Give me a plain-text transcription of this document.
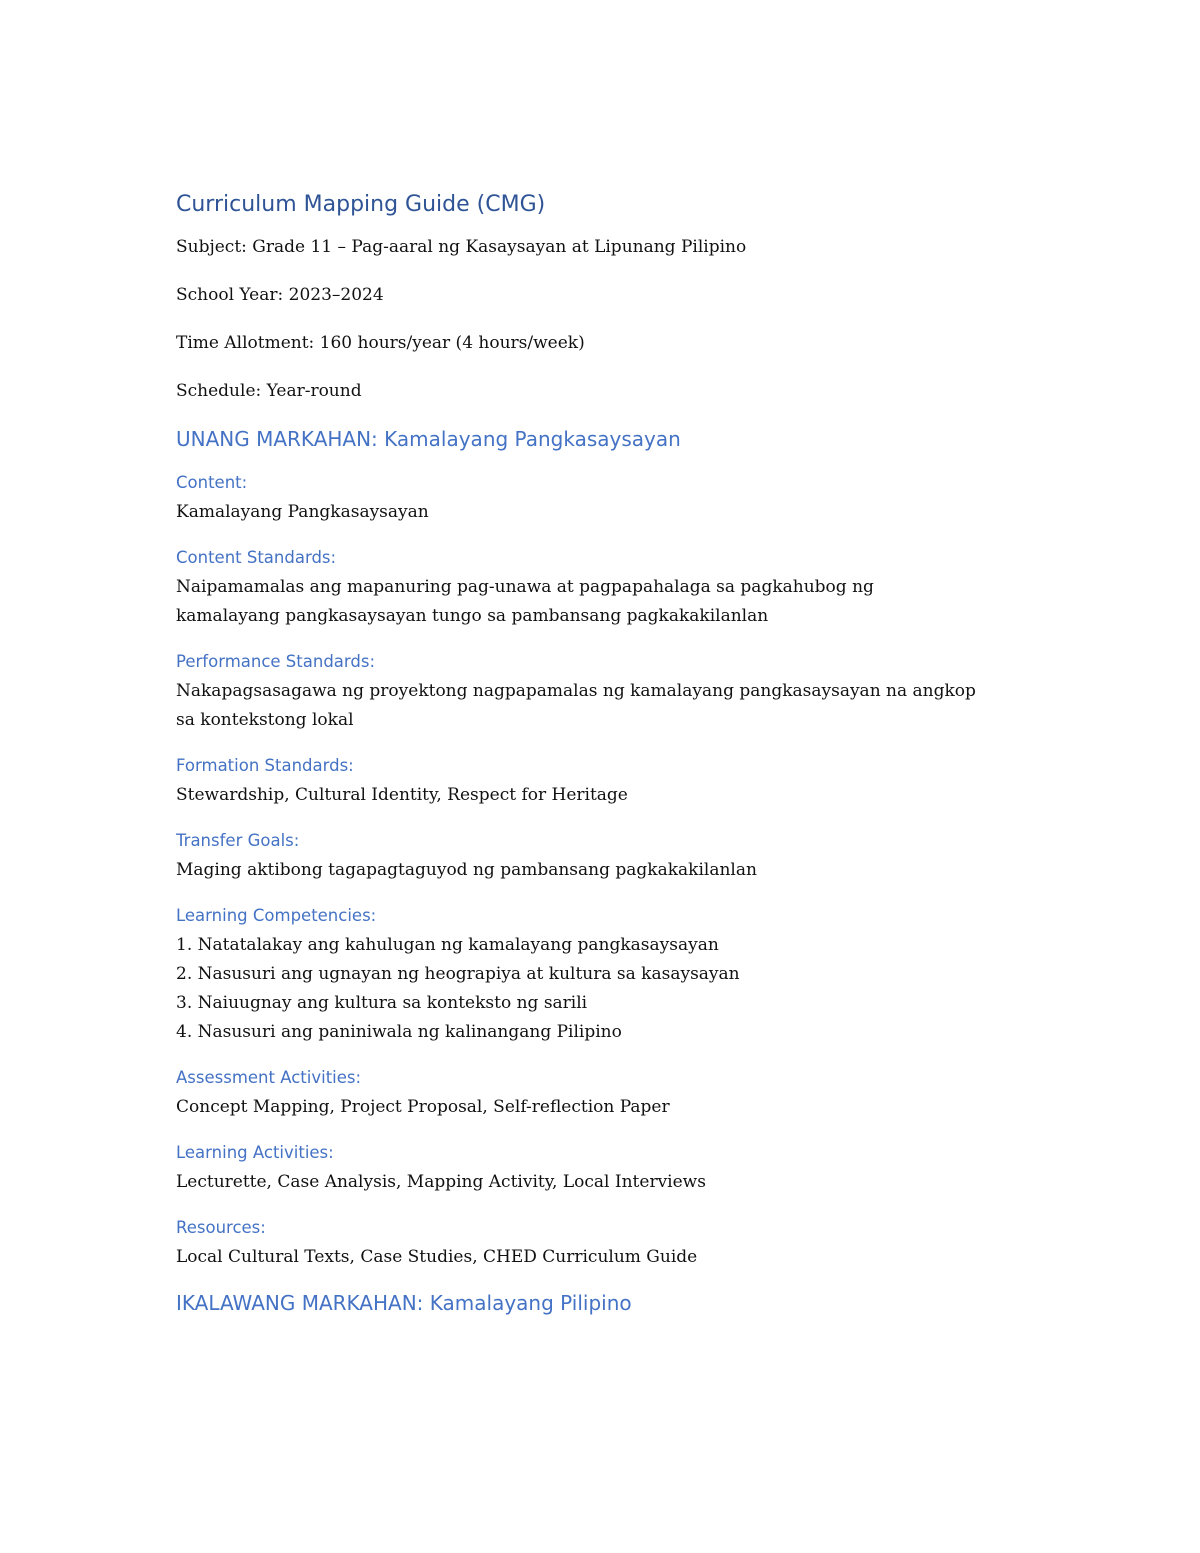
Curriculum Mapping Guide (CMG)
Subject: Grade 11 – Pag-aaral ng Kasaysayan at Lipunang Pilipino
School Year: 2023–2024
Time Allotment: 160 hours/year (4 hours/week)
Schedule: Year-round
UNANG MARKAHAN: Kamalayang Pangkasaysayan
Content:
Kamalayang Pangkasaysayan
Content Standards:
Naipamamalas ang mapanuring pag-unawa at pagpapahalaga sa pagkahubog ng
kamalayang pangkasaysayan tungo sa pambansang pagkakakilanlan
Performance Standards:
Nakapagsasagawa ng proyektong nagpapamalas ng kamalayang pangkasaysayan na angkop
sa kontekstong lokal
Formation Standards:
Stewardship, Cultural Identity, Respect for Heritage
Transfer Goals:
Maging aktibong tagapagtaguyod ng pambansang pagkakakilanlan
Learning Competencies:
1. Natatalakay ang kahulugan ng kamalayang pangkasaysayan
2. Nasusuri ang ugnayan ng heograpiya at kultura sa kasaysayan
3. Naiuugnay ang kultura sa konteksto ng sarili
4. Nasusuri ang paniniwala ng kalinangang Pilipino
Assessment Activities:
Concept Mapping, Project Proposal, Self-reflection Paper
Learning Activities:
Lecturette, Case Analysis, Mapping Activity, Local Interviews
Resources:
Local Cultural Texts, Case Studies, CHED Curriculum Guide
IKALAWANG MARKAHAN: Kamalayang Pilipino
